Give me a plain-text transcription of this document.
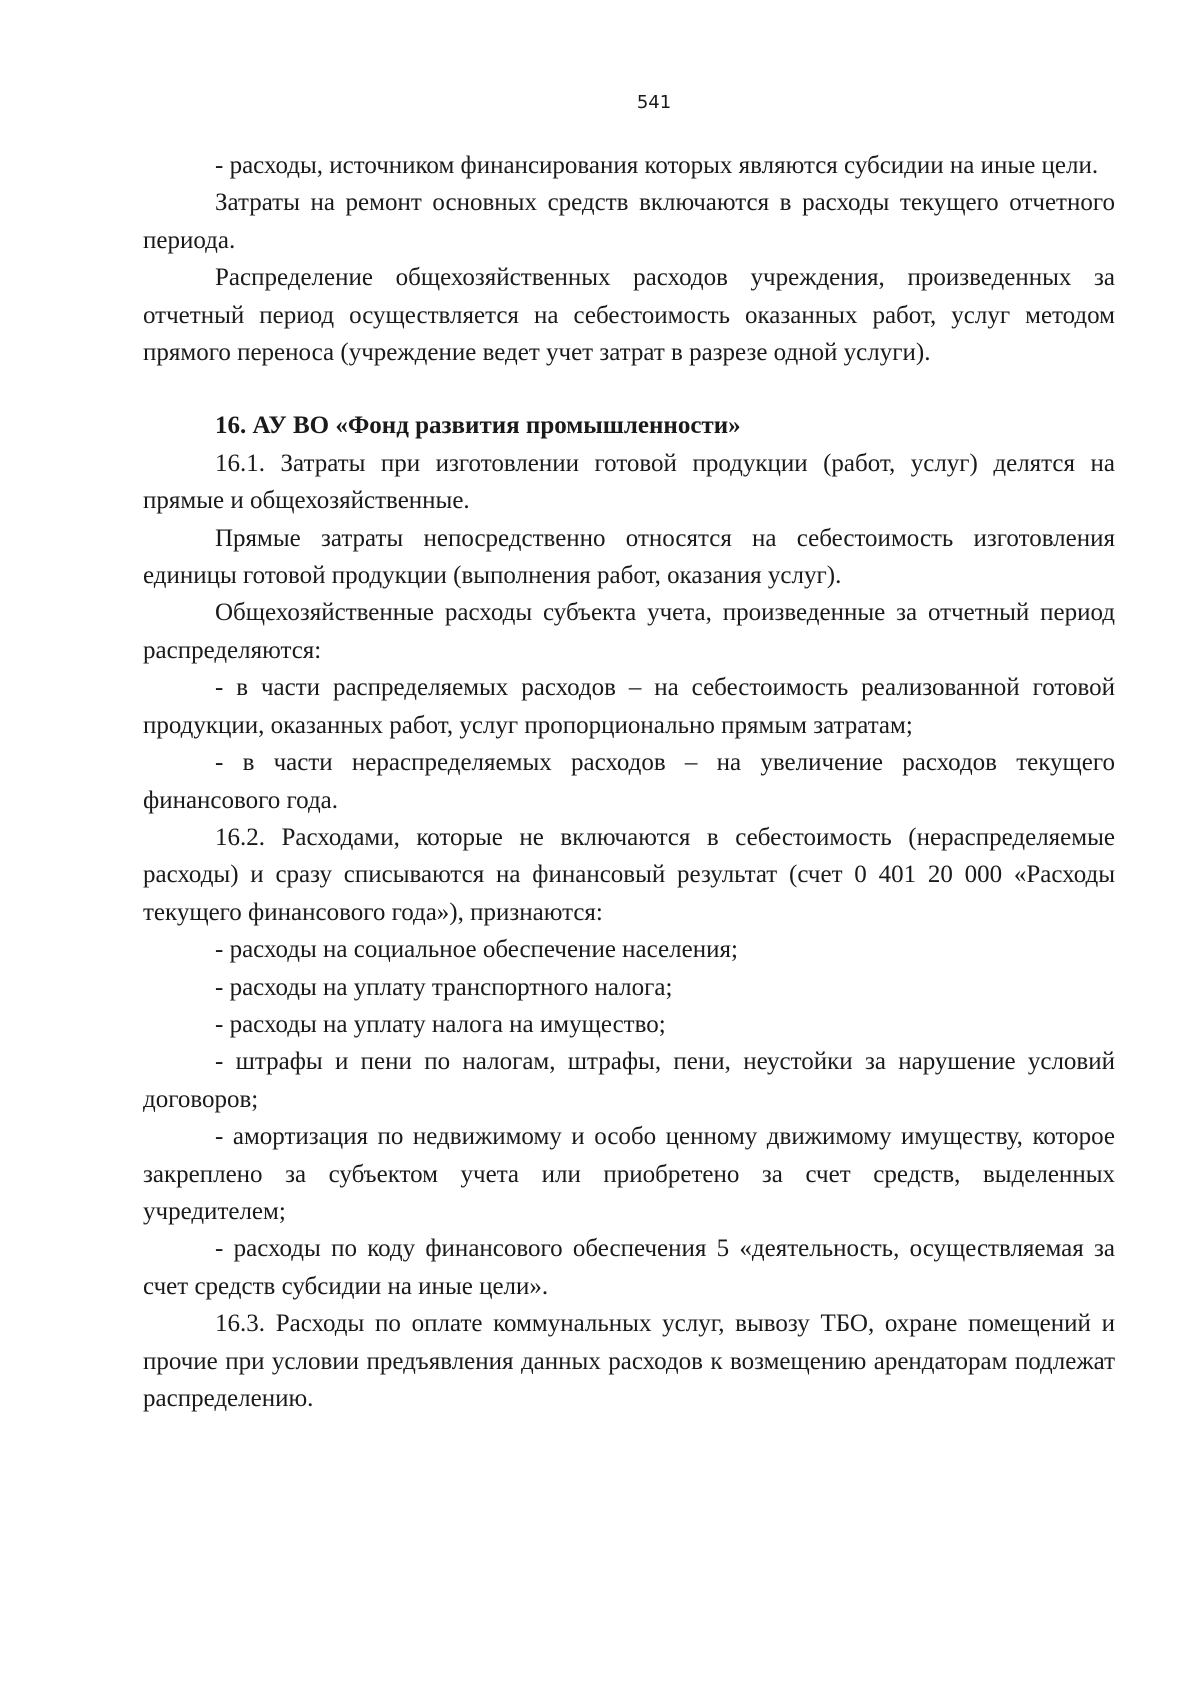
541

- расходы, источником финансирования которых являются субсидии на иные цели.

Затраты на ремонт основных средств включаются в расходы текущего отчетного периода.

Распределение общехозяйственных расходов учреждения, произведенных за отчетный период осуществляется на себестоимость оказанных работ, услуг методом прямого переноса (учреждение ведет учет затрат в разрезе одной услуги).

16. АУ ВО «Фонд развития промышленности»

16.1. Затраты при изготовлении готовой продукции (работ, услуг) делятся на прямые и общехозяйственные.

Прямые затраты непосредственно относятся на себестоимость изготовления единицы готовой продукции (выполнения работ, оказания услуг).

Общехозяйственные расходы субъекта учета, произведенные за отчетный период распределяются:

- в части распределяемых расходов – на себестоимость реализованной готовой продукции, оказанных работ, услуг пропорционально прямым затратам;

- в части нераспределяемых расходов – на увеличение расходов текущего финансового года.

16.2. Расходами, которые не включаются в себестоимость (нераспределяемые расходы) и сразу списываются на финансовый результат (счет 0 401 20 000 «Расходы текущего финансового года»), признаются:

- расходы на социальное обеспечение населения;

- расходы на уплату транспортного налога;

- расходы на уплату налога на имущество;

- штрафы и пени по налогам, штрафы, пени, неустойки за нарушение условий договоров;

- амортизация по недвижимому и особо ценному движимому имуществу, которое закреплено за субъектом учета или приобретено за счет средств, выделенных учредителем;

- расходы по коду финансового обеспечения 5 «деятельность, осуществляемая за счет средств субсидии на иные цели».

16.3. Расходы по оплате коммунальных услуг, вывозу ТБО, охране помещений и прочие при условии предъявления данных расходов к возмещению арендаторам подлежат распределению.
